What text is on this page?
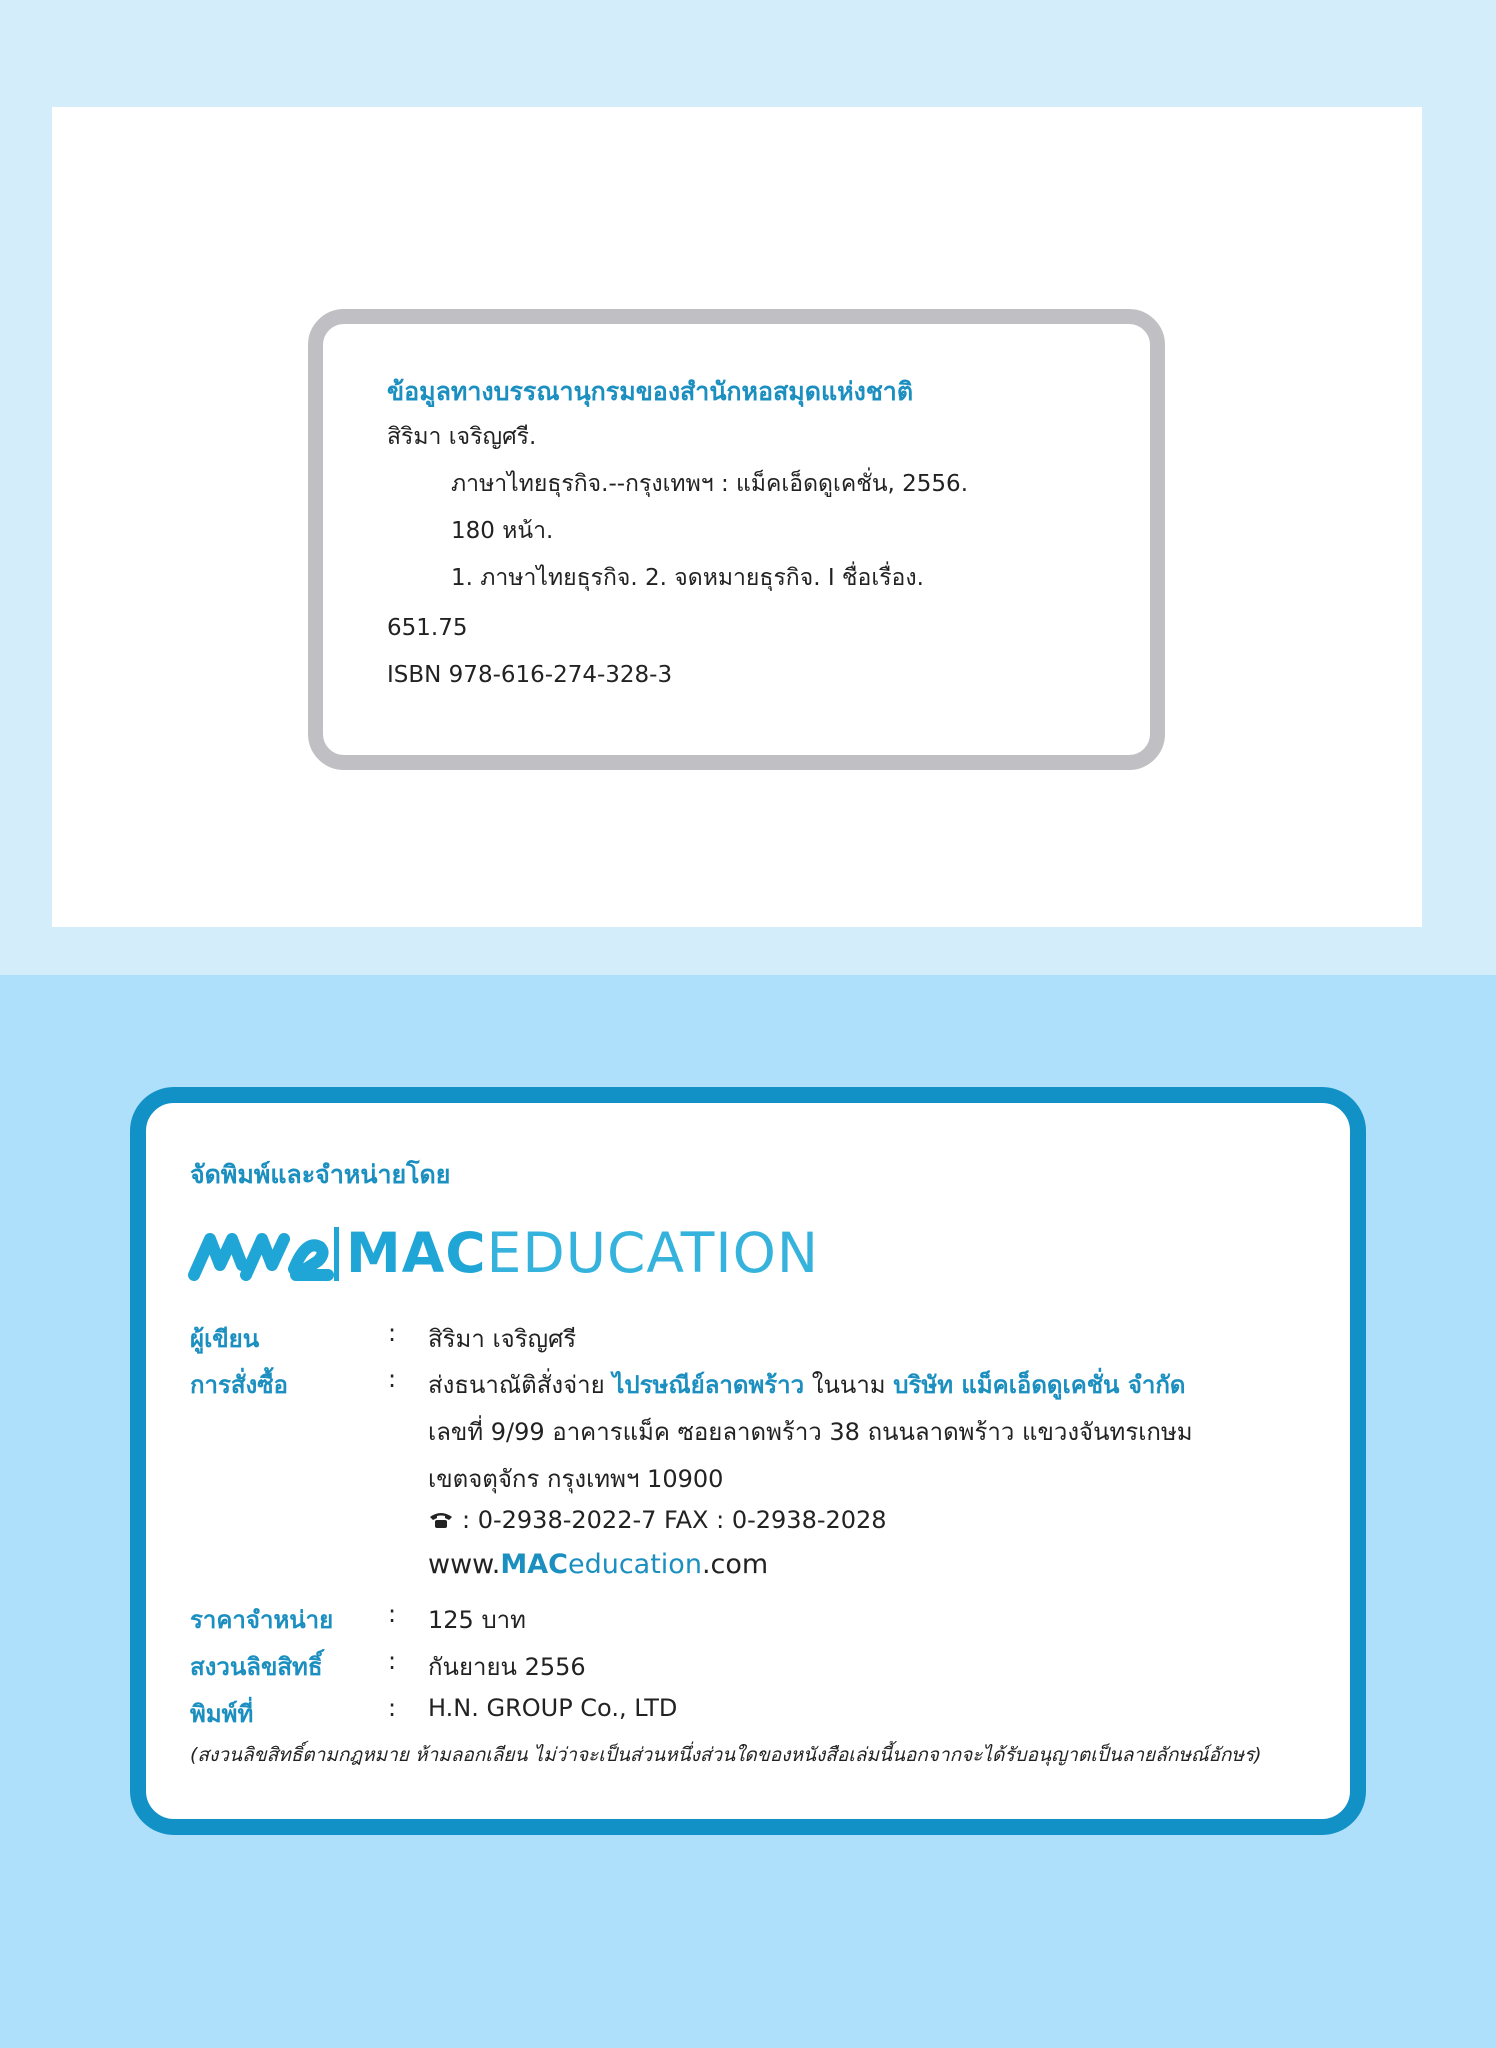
ข้อมูลทางบรรณานุกรมของสำนักหอสมุดแห่งชาติ
สิริมา เจริญศรี.
ภาษาไทยธุรกิจ.--กรุงเทพฯ : แม็คเอ็ดดูเคชั่น, 2556.
180 หน้า.
1. ภาษาไทยธุรกิจ. 2. จดหมายธุรกิจ. I ชื่อเรื่อง.
651.75
ISBN 978-616-274-328-3
จัดพิมพ์และจำหน่ายโดย
MACEDUCATION
ผู้เขียน	: สิริมา เจริญศรี
การสั่งซื้อ	: ส่งธนาณัติสั่งจ่าย ไปรษณีย์ลาดพร้าว ในนาม บริษัท แม็คเอ็ดดูเคชั่น จำกัด
เลขที่ 9/99 อาคารแม็ค ซอยลาดพร้าว 38 ถนนลาดพร้าว แขวงจันทรเกษม
เขตจตุจักร กรุงเทพฯ 10900
: 0-2938-2022-7 FAX : 0-2938-2028
www.MACeducation.com
ราคาจำหน่าย : 125 บาท
สงวนลิขสิทธิ์	: กันยายน 2556
พิมพ์ที่	: H.N. GROUP Co., LTD
(สงวนลิขสิทธิ์ตามกฎหมาย ห้ามลอกเลียน ไม่ว่าจะเป็นส่วนหนึ่งส่วนใดของหนังสือเล่มนี้นอกจากจะได้รับอนุญาตเป็นลายลักษณ์อักษร)
